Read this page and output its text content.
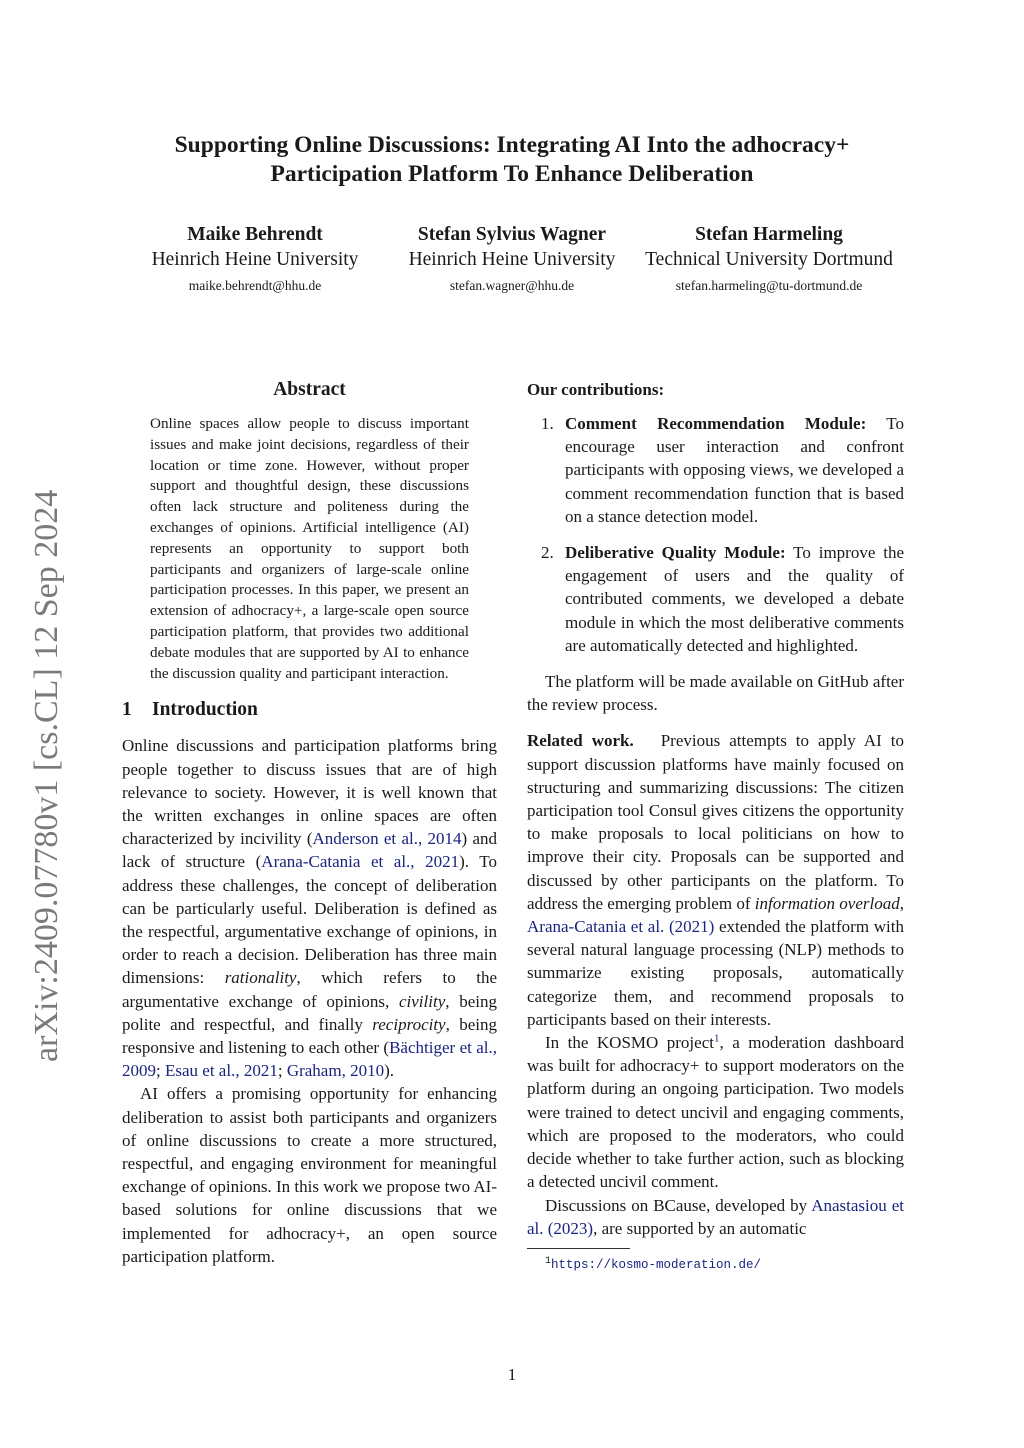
arXiv:2409.07780v1 [cs.CL] 12 Sep 2024
Supporting Online Discussions: Integrating AI Into the adhocracy+ Participation Platform To Enhance Deliberation
Maike Behrendt
Heinrich Heine University
maike.behrendt@hhu.de
Stefan Sylvius Wagner
Heinrich Heine University
stefan.wagner@hhu.de
Stefan Harmeling
Technical University Dortmund
stefan.harmeling@tu-dortmund.de
Abstract
Online spaces allow people to discuss important issues and make joint decisions, regardless of their location or time zone. However, without proper support and thoughtful design, these discussions often lack structure and politeness during the exchanges of opinions. Artificial intelligence (AI) represents an opportunity to support both participants and organizers of large-scale online participation processes. In this paper, we present an extension of adhocracy+, a large-scale open source participation platform, that provides two additional debate modules that are supported by AI to enhance the discussion quality and participant interaction.
1 Introduction

Online discussions and participation platforms bring people together to discuss issues that are of high relevance to society. However, it is well known that the written exchanges in online spaces are often characterized by incivility (Anderson et al., 2014) and lack of structure (Arana-Catania et al., 2021). To address these challenges, the concept of deliberation can be particularly useful. Deliberation is defined as the respectful, argumentative exchange of opinions, in order to reach a decision. Deliberation has three main dimensions: rationality, which refers to the argumentative exchange of opinions, civility, being polite and respectful, and finally reciprocity, being responsive and listening to each other (Bächtiger et al., 2009; Esau et al., 2021; Graham, 2010).

AI offers a promising opportunity for enhancing deliberation to assist both participants and organizers of online discussions to create a more structured, respectful, and engaging environment for meaningful exchange of opinions. In this work we propose two AI-based solutions for online discussions that we implemented for adhocracy+, an open source participation platform.

Our contributions:
1. Comment Recommendation Module: To encourage user interaction and confront participants with opposing views, we developed a comment recommendation function that is based on a stance detection model.
2. Deliberative Quality Module: To improve the engagement of users and the quality of contributed comments, we developed a debate module in which the most deliberative comments are automatically detected and highlighted.

The platform will be made available on GitHub after the review process.

Related work. Previous attempts to apply AI to support discussion platforms have mainly focused on structuring and summarizing discussions: The citizen participation tool Consul gives citizens the opportunity to make proposals to local politicians on how to improve their city. Proposals can be supported and discussed by other participants on the platform. To address the emerging problem of information overload, Arana-Catania et al. (2021) extended the platform with several natural language processing (NLP) methods to summarize existing proposals, automatically categorize them, and recommend proposals to participants based on their interests.

In the KOSMO project$^1$, a moderation dashboard was built for adhocracy+ to support moderators on the platform during an ongoing participation. Two models were trained to detect uncivil and engaging comments, which are proposed to the moderators, who could decide whether to take further action, such as blocking a detected uncivil comment.

Discussions on BCause, developed by Anastasiou et al. (2023), are supported by an automatic

$^1$https://kosmo-moderation.de/
1
